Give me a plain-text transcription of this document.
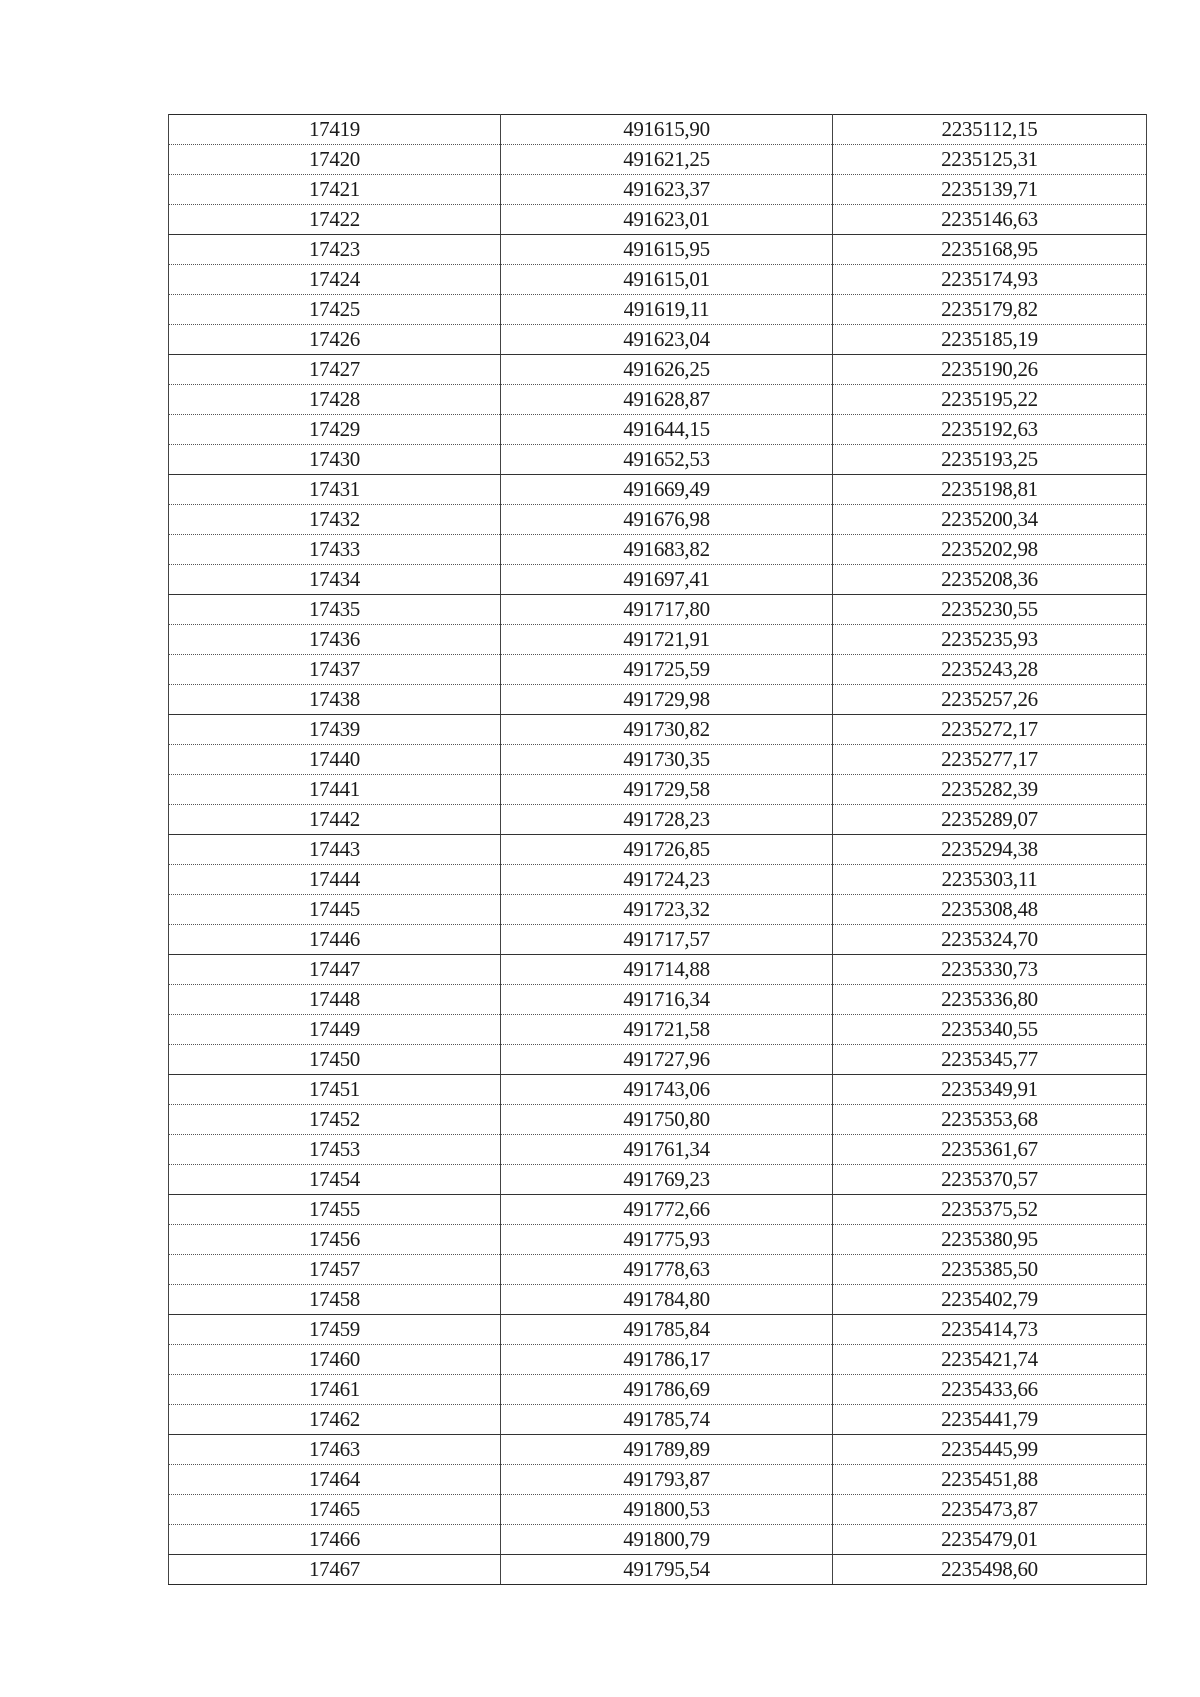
17419	491615,90	2235112,15
17420	491621,25	2235125,31
17421	491623,37	2235139,71
17422	491623,01	2235146,63
17423	491615,95	2235168,95
17424	491615,01	2235174,93
17425	491619,11	2235179,82
17426	491623,04	2235185,19
17427	491626,25	2235190,26
17428	491628,87	2235195,22
17429	491644,15	2235192,63
17430	491652,53	2235193,25
17431	491669,49	2235198,81
17432	491676,98	2235200,34
17433	491683,82	2235202,98
17434	491697,41	2235208,36
17435	491717,80	2235230,55
17436	491721,91	2235235,93
17437	491725,59	2235243,28
17438	491729,98	2235257,26
17439	491730,82	2235272,17
17440	491730,35	2235277,17
17441	491729,58	2235282,39
17442	491728,23	2235289,07
17443	491726,85	2235294,38
17444	491724,23	2235303,11
17445	491723,32	2235308,48
17446	491717,57	2235324,70
17447	491714,88	2235330,73
17448	491716,34	2235336,80
17449	491721,58	2235340,55
17450	491727,96	2235345,77
17451	491743,06	2235349,91
17452	491750,80	2235353,68
17453	491761,34	2235361,67
17454	491769,23	2235370,57
17455	491772,66	2235375,52
17456	491775,93	2235380,95
17457	491778,63	2235385,50
17458	491784,80	2235402,79
17459	491785,84	2235414,73
17460	491786,17	2235421,74
17461	491786,69	2235433,66
17462	491785,74	2235441,79
17463	491789,89	2235445,99
17464	491793,87	2235451,88
17465	491800,53	2235473,87
17466	491800,79	2235479,01
17467	491795,54	2235498,60
